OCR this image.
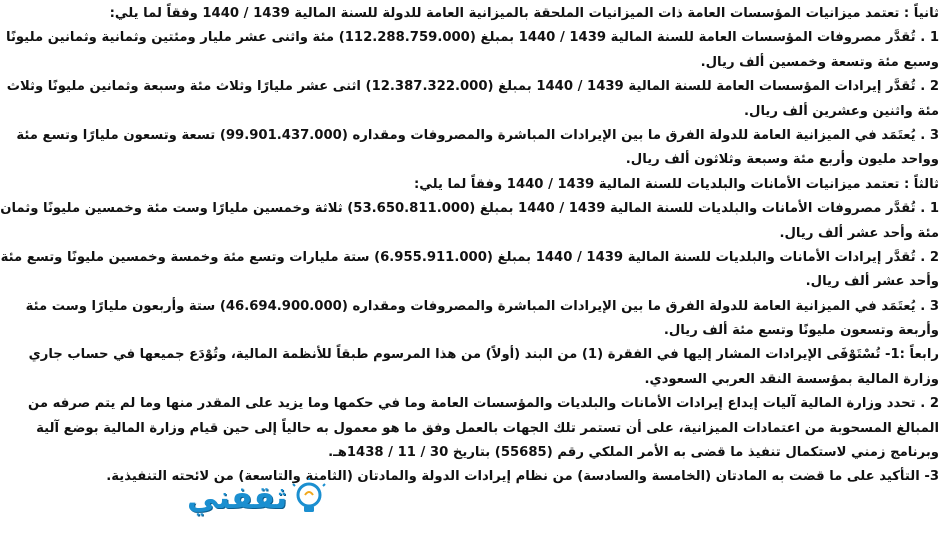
ثانياً : تعتمد ميزانيات المؤسسات العامة ذات الميزانيات الملحقة بالميزانية العامة للدولة للسنة المالية 1439 / 1440 وفقاً لما يلي:
1 . تُقدَّر مصروفات المؤسسات العامة للسنة المالية 1439 / 1440 بمبلغ (112.288.759.000) مئة واثنى عشر مليار ومئتين وثمانية وثمانين مليونًا
وسبع مئة وتسعة وخمسين ألف ريال.
2 . تُقدَّر إيرادات المؤسسات العامة للسنة المالية 1439 / 1440 بمبلغ (12.387.322.000) اثنى عشر مليارًا وثلاث مئة وسبعة وثمانين مليونًا وثلاث
مئة واثنين وعشرين ألف ريال.
3 . يُعتَمَد في الميزانية العامة للدولة الفرق ما بين الإيرادات المباشرة والمصروفات ومقداره (99.901.437.000) تسعة وتسعون مليارًا وتسع مئة
وواحد مليون وأربع مئة وسبعة وثلاثون ألف ريال.
ثالثاً : تعتمد ميزانيات الأمانات والبلديات للسنة المالية 1439 / 1440 وفقاً لما يلي:
1 . تُقدَّر مصروفات الأمانات والبلديات للسنة المالية 1439 / 1440 بمبلغ (53.650.811.000) ثلاثة وخمسين مليارًا وست مئة وخمسين مليونًا وثمان
مئة وأحد عشر ألف ريال.
2 . تُقدَّر إيرادات الأمانات والبلديات للسنة المالية 1439 / 1440 بمبلغ (6.955.911.000) ستة مليارات وتسع مئة وخمسة وخمسين مليونًا وتسع مئة
وأحد عشر ألف ريال.
3 . يُعتَمَد في الميزانية العامة للدولة الفرق ما بين الإيرادات المباشرة والمصروفات ومقداره (46.694.900.000) ستة وأربعون مليارًا وست مئة
وأربعة وتسعون مليونًا وتسع مئة ألف ريال.
رابعاً :1- تُسْتَوْفَى الإيرادات المشار إليها في الفقرة (1) من البند (أولاً) من هذا المرسوم طبقاً للأنظمة المالية، وتُوْدَع جميعها في حساب جاري
وزارة المالية بمؤسسة النقد العربي السعودي.
2 . تحدد وزارة المالية آليات إيداع إيرادات الأمانات والبلديات والمؤسسات العامة وما في حكمها وما يزيد على المقدر منها وما لم يتم صرفه من
المبالغ المسحوبة من اعتمادات الميزانية، على أن تستمر تلك الجهات بالعمل وفق ما هو معمول به حالياً إلى حين قيام وزارة المالية بوضع آلية
وبرنامج زمني لاستكمال تنفيذ ما قضى به الأمر الملكي رقم (55685) بتاريخ 30 / 11 / 1438هـ.
3- التأكيد على ما قضت به المادتان (الخامسة والسادسة) من نظام إيرادات الدولة والمادتان (الثامنة والتاسعة) من لائحته التنفيذية.
ثقفني
